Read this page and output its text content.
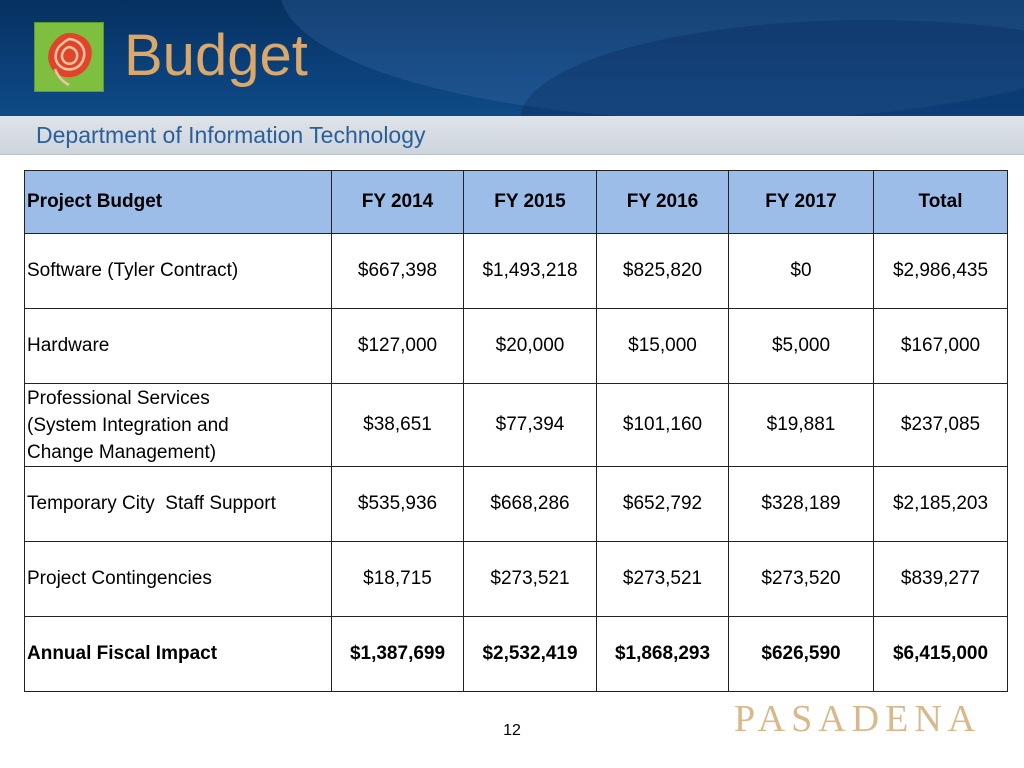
Budget
Department of Information Technology
Project Budget	FY 2014	FY 2015	FY 2016	FY 2017	Total
Software (Tyler Contract)	$667,398	$1,493,218	$825,820	$0	$2,986,435
Hardware	$127,000	$20,000	$15,000	$5,000	$167,000
Professional Services
(System Integration and
Change Management)	$38,651	$77,394	$101,160	$19,881	$237,085
Temporary City  Staff Support	$535,936	$668,286	$652,792	$328,189	$2,185,203
Project Contingencies	$18,715	$273,521	$273,521	$273,520	$839,277
Annual Fiscal Impact	$1,387,699	$2,532,419	$1,868,293	$626,590	$6,415,000
12	PASADENA
